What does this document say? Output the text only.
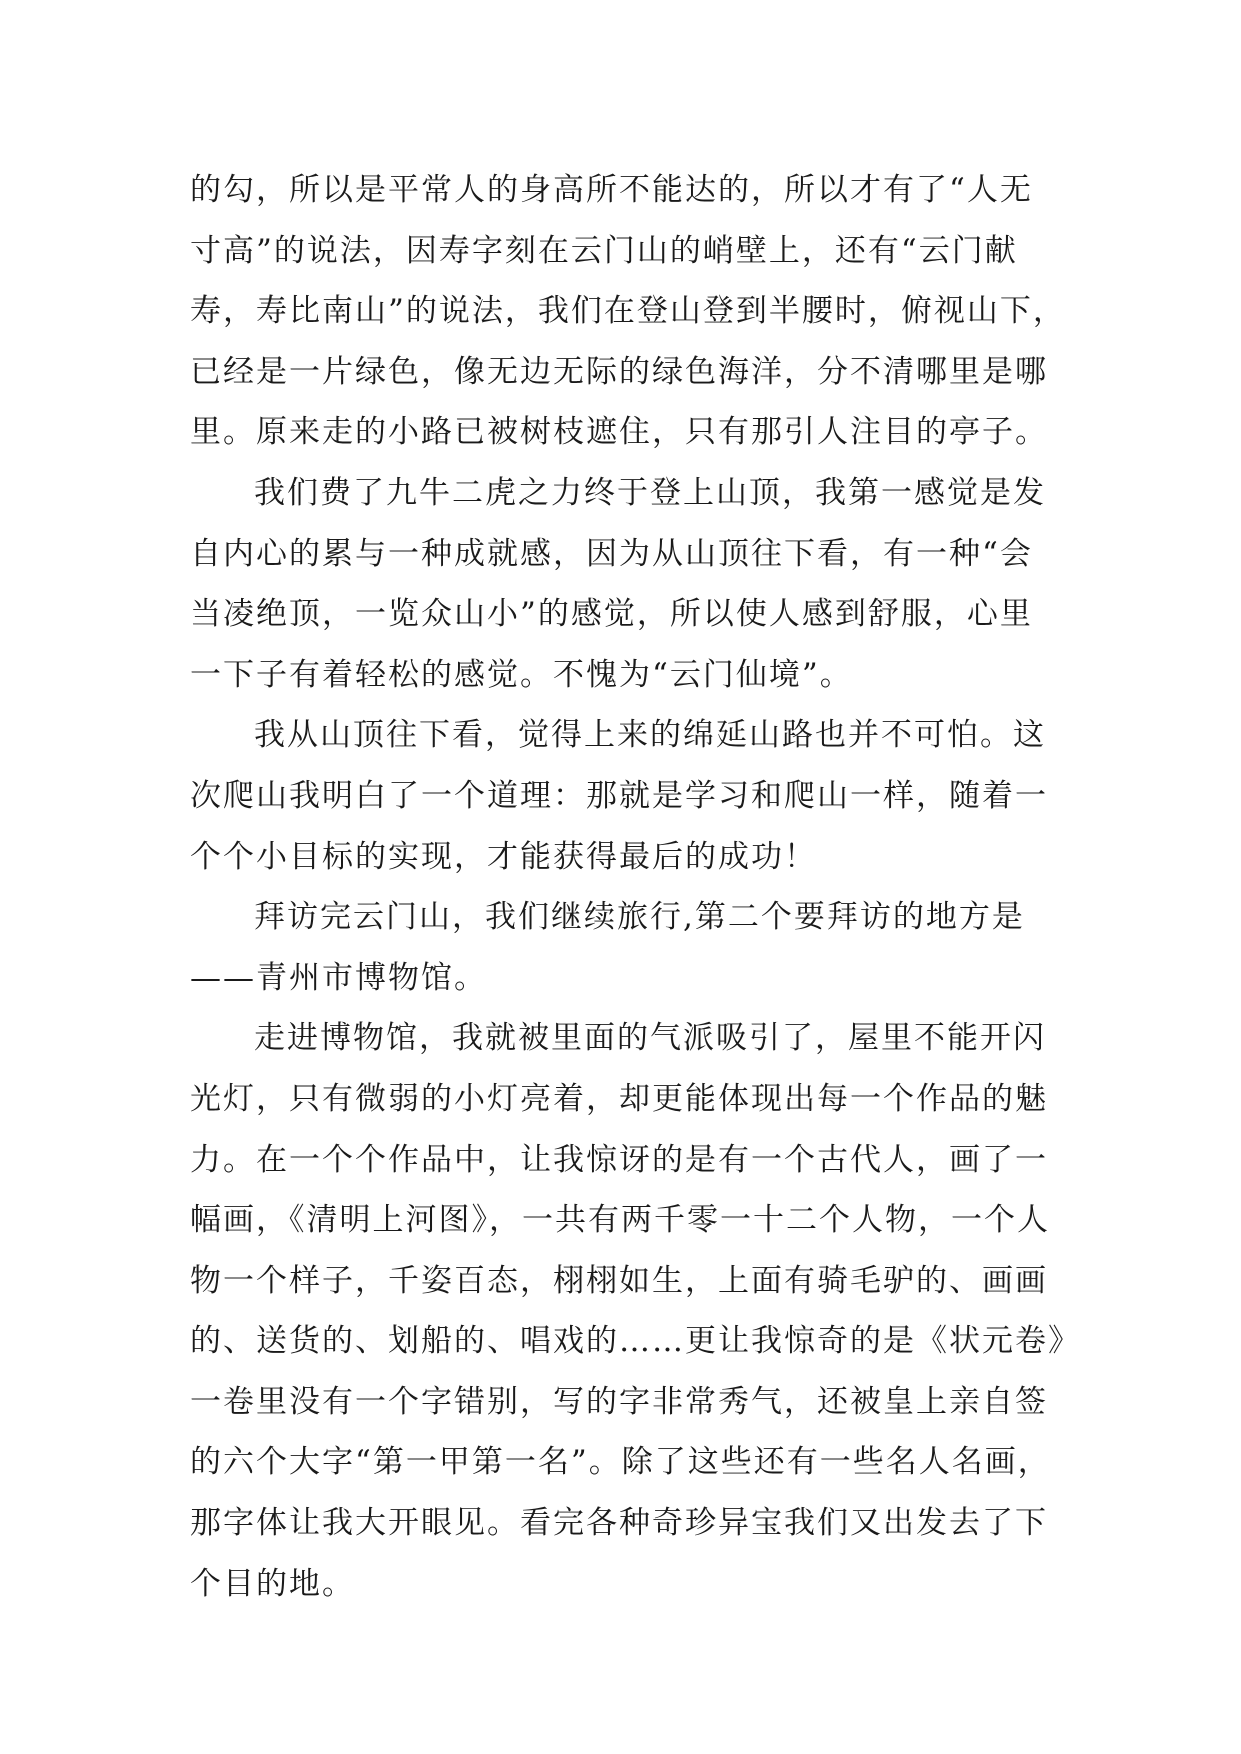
的勾，所以是平常人的身高所不能达的，所以才有了“人无
寸高”的说法，因寿字刻在云门山的峭壁上，还有“云门献
寿，寿比南山”的说法，我们在登山登到半腰时，俯视山下，
已经是一片绿色，像无边无际的绿色海洋，分不清哪里是哪
里。原来走的小路已被树枝遮住，只有那引人注目的亭子。
我们费了九牛二虎之力终于登上山顶，我第一感觉是发
自内心的累与一种成就感，因为从山顶往下看，有一种“会
当凌绝顶，一览众山小”的感觉，所以使人感到舒服，心里
一下子有着轻松的感觉。不愧为“云门仙境”。
我从山顶往下看，觉得上来的绵延山路也并不可怕。这
次爬山我明白了一个道理：那就是学习和爬山一样，随着一
个个小目标的实现，才能获得最后的成功！
拜访完云门山，我们继续旅行,第二个要拜访的地方是
——青州市博物馆。
走进博物馆，我就被里面的气派吸引了，屋里不能开闪
光灯，只有微弱的小灯亮着，却更能体现出每一个作品的魅
力。在一个个作品中，让我惊讶的是有一个古代人，画了一
幅画，《清明上河图》，一共有两千零一十二个人物，一个人
物一个样子，千姿百态，栩栩如生，上面有骑毛驴的、画画
的、送货的、划船的、唱戏的……更让我惊奇的是《状元卷》
一卷里没有一个字错别，写的字非常秀气，还被皇上亲自签
的六个大字“第一甲第一名”。除了这些还有一些名人名画，
那字体让我大开眼见。看完各种奇珍异宝我们又出发去了下
个目的地。
